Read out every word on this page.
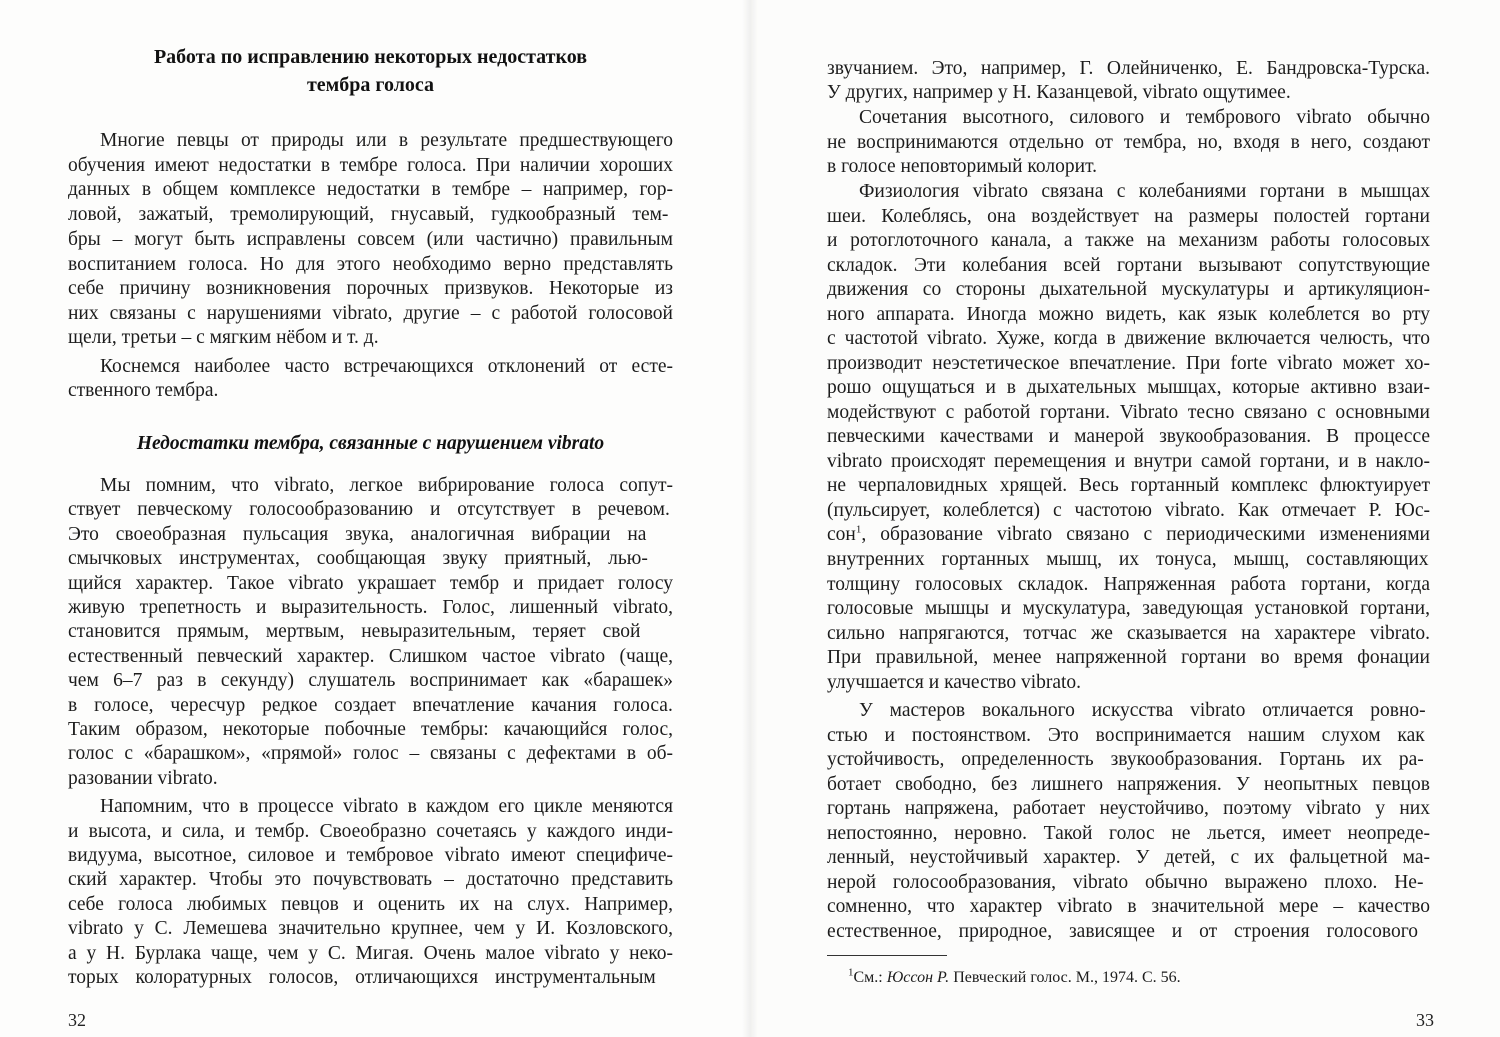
Работа по исправлению некоторых недостатков
тембра голоса
Многие певцы от природы или в результате предшествующего
обучения имеют недостатки в тембре голоса. При наличии хороших
данных в общем комплексе недостатки в тембре – например, гор-
ловой, зажатый, тремолирующий, гнусавый, гудкообразный тем-
бры – могут быть исправлены совсем (или частично) правильным
воспитанием голоса. Но для этого необходимо верно представлять
себе причину возникновения порочных призвуков. Некоторые из
них связаны с нарушениями vibrato, другие – с работой голосовой
щели, третьи – с мягким нёбом и т. д.
Коснемся наиболее часто встречающихся отклонений от есте-
ственного тембра.
Недостатки тембра, связанные с нарушением vibrato
Мы помним, что vibrato, легкое вибрирование голоса сопут-
ствует певческому голосообразованию и отсутствует в речевом.
Это своеобразная пульсация звука, аналогичная вибрации на
смычковых инструментах, сообщающая звуку приятный, лью-
щийся характер. Такое vibrato украшает тембр и придает голосу
живую трепетность и выразительность. Голос, лишенный vibrato,
становится прямым, мертвым, невыразительным, теряет свой
естественный певческий характер. Слишком частое vibrato (чаще,
чем 6–7 раз в секунду) слушатель воспринимает как «барашек»
в голосе, чересчур редкое создает впечатление качания голоса.
Таким образом, некоторые побочные тембры: качающийся голос,
голос с «барашком», «прямой» голос – связаны с дефектами в об-
разовании vibrato.
Напомним, что в процессе vibrato в каждом его цикле меняются
и высота, и сила, и тембр. Своеобразно сочетаясь у каждого инди-
видуума, высотное, силовое и тембровое vibrato имеют специфиче-
ский характер. Чтобы это почувствовать – достаточно представить
себе голоса любимых певцов и оценить их на слух. Например,
vibrato у С. Лемешева значительно крупнее, чем у И. Козловского,
а у Н. Бурлака чаще, чем у С. Мигая. Очень малое vibrato у неко-
торых колоратурных голосов, отличающихся инструментальным
32
звучанием. Это, например, Г. Олейниченко, Е. Бандровска-Турска.
У других, например у Н. Казанцевой, vibrato ощутимее.
Сочетания высотного, силового и тембрового vibrato обычно
не воспринимаются отдельно от тембра, но, входя в него, создают
в голосе неповторимый колорит.
Физиология vibrato связана с колебаниями гортани в мышцах
шеи. Колеблясь, она воздействует на размеры полостей гортани
и ротоглоточного канала, а также на механизм работы голосовых
складок. Эти колебания всей гортани вызывают сопутствующие
движения со стороны дыхательной мускулатуры и артикуляцион-
ного аппарата. Иногда можно видеть, как язык колеблется во рту
с частотой vibrato. Хуже, когда в движение включается челюсть, что
производит неэстетическое впечатление. При forte vibrato может хо-
рошо ощущаться и в дыхательных мышцах, которые активно взаи-
модействуют с работой гортани. Vibrato тесно связано с основными
певческими качествами и манерой звукообразования. В процессе
vibrato происходят перемещения и внутри самой гортани, и в накло-
не черпаловидных хрящей. Весь гортанный комплекс флюктуирует
(пульсирует, колеблется) с частотою vibrato. Как отмечает Р. Юс-
сон$^1$, образование vibrato связано с периодическими изменениями
внутренних гортанных мышц, их тонуса, мышц, составляющих
толщину голосовых складок. Напряженная работа гортани, когда
голосовые мышцы и мускулатура, заведующая установкой гортани,
сильно напрягаются, тотчас же сказывается на характере vibrato.
При правильной, менее напряженной гортани во время фонации
улучшается и качество vibrato.
У мастеров вокального искусства vibrato отличается ровно-
стью и постоянством. Это воспринимается нашим слухом как
устойчивость, определенность звукообразования. Гортань их ра-
ботает свободно, без лишнего напряжения. У неопытных певцов
гортань напряжена, работает неустойчиво, поэтому vibrato у них
непостоянно, неровно. Такой голос не льется, имеет неопреде-
ленный, неустойчивый характер. У детей, с их фальцетной ма-
нерой голосообразования, vibrato обычно выражено плохо. Не-
сомненно, что характер vibrato в значительной мере – качество
естественное, природное, зависящее и от строения голосового
$^1$См.: Юссон Р. Певческий голос. М., 1974. С. 56.
33
